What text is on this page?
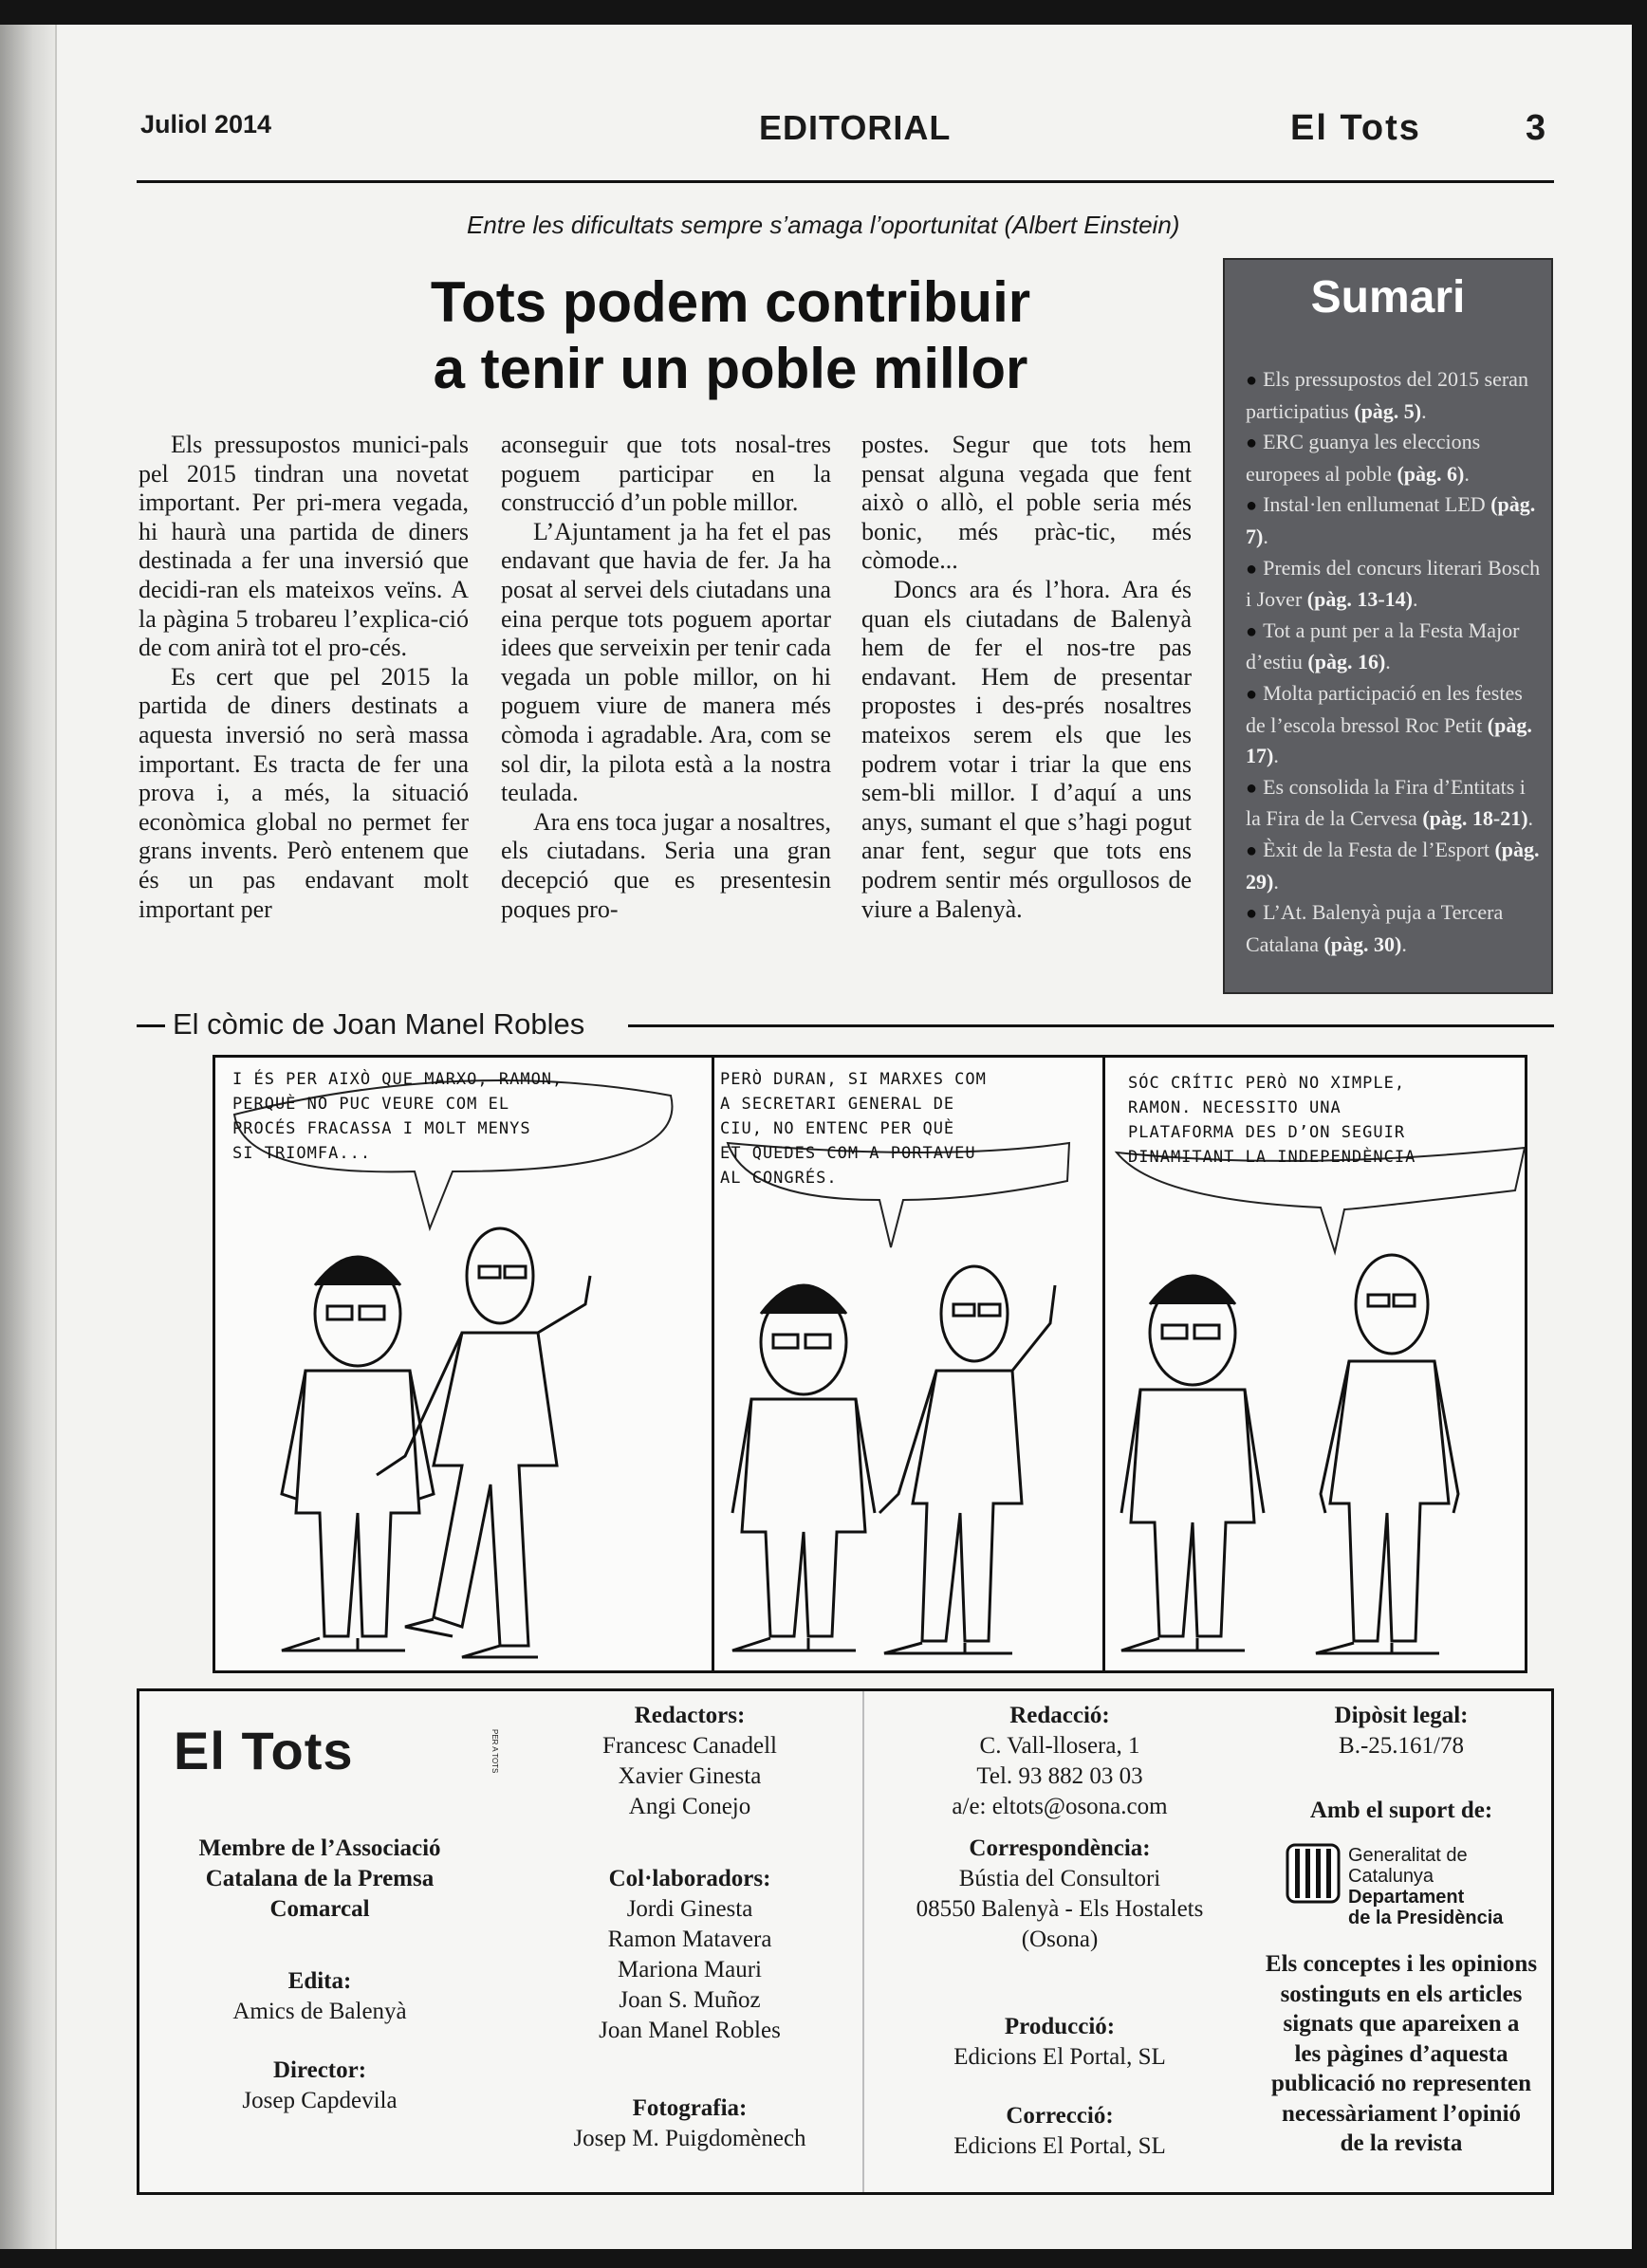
Juliol 2014	EDITORIAL	El Tots	3
Entre les dificultats sempre s’amaga l’oportunitat (Albert Einstein)
Tots podem contribuir
a tenir un poble millor

Els pressupostos munici-pals pel 2015 tindran una novetat important. Per pri-mera vegada, hi haurà una partida de diners destinada a fer una inversió que decidi-ran els mateixos veïns. A la pàgina 5 trobareu l’explica-ció de com anirà tot el pro-cés.

Es cert que pel 2015 la partida de diners destinats a aquesta inversió no serà massa important. Es tracta de fer una prova i, a més, la situació econòmica global no permet fer grans invents. Però entenem que és un pas endavant molt important per

aconseguir que tots nosal-tres poguem participar en la construcció d’un poble millor.

L’Ajuntament ja ha fet el pas endavant que havia de fer. Ja ha posat al servei dels ciutadans una eina perque tots poguem aportar idees que serveixin per tenir cada vegada un poble millor, on hi poguem viure de manera més còmoda i agradable. Ara, com se sol dir, la pilota està a la nostra teulada.

Ara ens toca jugar a nosaltres, els ciutadans. Seria una gran decepció que es presentesin poques pro-

postes. Segur que tots hem pensat alguna vegada que fent això o allò, el poble seria més bonic, més pràc-tic, més còmode...

Doncs ara és l’hora. Ara és quan els ciutadans de Balenyà hem de fer el nos-tre pas endavant. Hem de presentar propostes i des-prés nosaltres mateixos serem els que les podrem votar i triar la que ens sem-bli millor. I d’aquí a uns anys, sumant el que s’hagi pogut anar fent, segur que tots ens podrem sentir més orgullosos de viure a Balenyà.

Sumari

● Els pressupostos del 2015 seran participatius (pàg. 5).

● ERC guanya les eleccions europees al poble (pàg. 6).

● Instal·len enllumenat LED (pàg. 7).

● Premis del concurs literari Bosch i Jover (pàg. 13-14).

● Tot a punt per a la Festa Major d’estiu (pàg. 16).

● Molta participació en les festes de l’escola bressol Roc Petit (pàg. 17).

● Es consolida la Fira d’Entitats i la Fira de la Cervesa (pàg. 18-21).

● Èxit de la Festa de l’Esport (pàg. 29).

● L’At. Balenyà puja a Tercera Catalana (pàg. 30).

El còmic de Joan Manel Robles
I ÉS PER AIXÒ QUE MARXO, RAMON,
PERQUÈ NO PUC VEURE COM EL
PROCÉS FRACASSA I MOLT MENYS
SI TRIOMFA...
PERÒ DURAN, SI MARXES COM
A SECRETARI GENERAL DE
CIU, NO ENTENC PER QUÈ
ET QUEDES COM A PORTAVEU
AL CONGRÉS.
SÓC CRÍTIC PERÒ NO XIMPLE,
RAMON. NECESSITO UNA
PLATAFORMA DES D’ON SEGUIR
DINAMITANT LA INDEPENDÈNCIA
El Tots	PER A TOTS
Membre de l’Associació
Catalana de la Premsa
Comarcal
Edita:
Amics de Balenyà
Director:
Josep Capdevila
Redactors:
Francesc Canadell
Xavier Ginesta
Angi Conejo
Col·laboradors:
Jordi Ginesta
Ramon Matavera
Mariona Mauri
Joan S. Muñoz
Joan Manel Robles
Fotografia:
Josep M. Puigdomènech
Redacció:
C. Vall-llosera, 1
Tel. 93 882 03 03
a/e: eltots@osona.com
Correspondència:
Bústia del Consultori
08550 Balenyà - Els Hostalets
(Osona)
Producció:
Edicions El Portal, SL
Correcció:
Edicions El Portal, SL
Dipòsit legal:
B.-25.161/78
Amb el suport de:
Generalitat de Catalunya
Departament
de la Presidència
Els conceptes i les opinions
sostinguts en els articles
signats que apareixen a
les pàgines d’aquesta
publicació no representen
necessàriament l’opinió
de la revista
